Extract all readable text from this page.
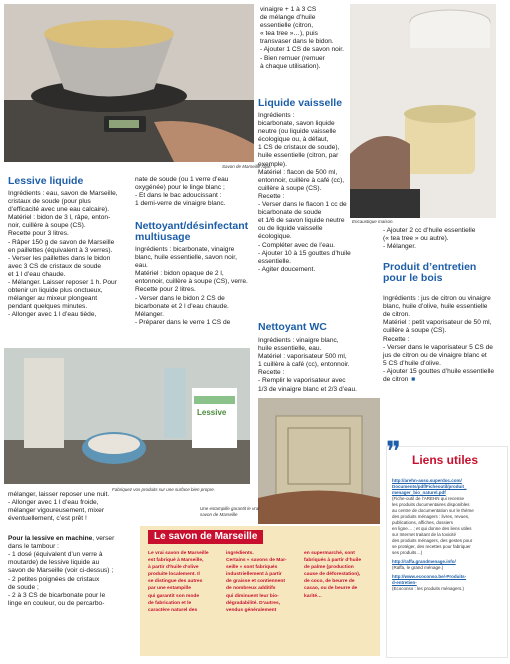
Savon de Marseille râpé.
Encaustique maison.
Lessive
Fabriquez vos produits sur une surface bien propre.
Une estampille garantit le vrai savon de Marseille
Lessive liquide
Ingrédients : eau, savon de Marseille,
cristaux de soude (pour plus
d’efficacité avec une eau calcaire).
Matériel : bidon de 3 l, râpe, enton-
noir, cuillère à soupe (CS).
Recette pour 3 litres.
- Râper 150 g de savon de Marseille
en paillettes (équivalent à 3 verres).
- Verser les paillettes dans le bidon
avec 3 CS de cristaux de soude
et 1 l d’eau chaude.
- Mélanger. Laisser reposer 1 h. Pour
obtenir un liquide plus onctueux,
mélanger au mixeur plongeant
pendant quelques minutes.
- Allonger avec 1 l d’eau tiède,
mélanger, laisser reposer une nuit.
- Allonger avec 1 l d’eau froide,
mélanger vigoureusement, mixer
éventuellement, c’est prêt !

Pour la lessive en machine, verser
dans le tambour :
- 1 dosé (équivalent d’un verre à
moutarde) de lessive liquide au
savon de Marseille (voir ci-dessus) ;
- 2 petites poignées de cristaux
de soude ;
- 2 à 3 CS de bicarbonate pour le
linge en couleur, ou de percarbo-

nate de soude (ou 1 verre d’eau
oxygénée) pour le linge blanc ;
- Et dans le bac adoucissant :
1 demi-verre de vinaigre blanc.
Nettoyant/désinfectant
multiusage
Ingrédients : bicarbonate, vinaigre
blanc, huile essentielle, savon noir,
eau.
Matériel : bidon opaque de 2 l,
entonnoir, cuillère à soupe (CS), verre.
Recette pour 2 litres.
- Verser dans le bidon 2 CS de
bicarbonate et 2 l d’eau chaude.
Mélanger.
- Préparer dans le verre 1 CS de
vinaigre + 1 à 3 CS
de mélange d’huile
essentielle (citron,
« tea tree »…), puis
transvaser dans le bidon.
- Ajouter 1 CS de savon noir.
- Bien remuer (remuer
à chaque utilisation).
Liquide vaisselle
Ingrédients :
bicarbonate, savon liquide
neutre (ou liquide vaisselle
écologique ou, à défaut,
1 CS de cristaux de soude),
huile essentielle (citron, par
exemple).
Matériel : flacon de 500 ml,
entonnoir, cuillère à café (cc),
cuillère à soupe (CS).
Recette :
- Verser dans le flacon 1 cc de
bicarbonate de soude
et 1/6 de savon liquide neutre
ou de liquide vaisselle
écologique.
- Compléter avec de l’eau.
- Ajouter 10 à 15 gouttes d’huile
essentielle.
- Agiter doucement.
Nettoyant WC
Ingrédients : vinaigre blanc,
huile essentielle, eau.
Matériel : vaporisateur 500 ml,
1 cuillère à café (cc), entonnoir.
Recette :
- Remplir le vaporisateur avec
1/3 de vinaigre blanc et 2/3 d’eau.
- Ajouter 2 cc d’huile essentielle
(« tea tree » ou autre).
- Mélanger.
Produit d’entretien
pour le bois

Ingrédients : jus de citron ou vinaigre
blanc, huile d’olive, huile essentielle
de citron.
Matériel : petit vaporisateur de 50 ml,
cuillère à soupe (CS).
Recette :
- Verser dans le vaporisateur 5 CS de
jus de citron ou de vinaigre blanc et
5 CS d’huile d’olive.
- Ajouter 15 gouttes d’huile essentielle
de citron ■

Le savon de Marseille
Le vrai savon de Marseille
est fabriqué à Marseille,
à partir d’huile d’olive
produite localement. Il
se distingue des autres
par une estampille
qui garantit son mode
de fabrication et le
caractère naturel des
ingrédients.
Certains « savons de Mar-
seille » sont fabriqués
industriellement à partir
de graisse et contiennent
de nombreux additifs
qui diminuent leur bio-
dégradabilité. D’autres,
vendus généralement
en supermarché, sont
fabriqués à partir d’huile
de palme (production
cause de déforestation),
de coco, de beurre de
cacao, ou de beurre de
karité…
❞ Liens utiles
http://arehn-asso.superdoc.com/
Documents/pdf/Ficheoutil/produit_
menager_bio_naturel.pdf
(Fiche-outil de l’AREHN qui recense
les produits documentaires disponibles
au centre de documentation sur le thème
des produits ménagers : livres, revues,
publications, affiches, dossiers
en ligne… ; et qui donne des liens utiles
sur Internet traitant de la toxicité
des produits ménagers, des gestes pour
se protéger, des recettes pour fabriquer
ses produits…)
http://raffa.grandmenage.info/
(Raffa, le grand ménage.)
http://www.ecoconso.be/-Produits-
d-entretien-
(Ecoconso : les produits ménagers.)
